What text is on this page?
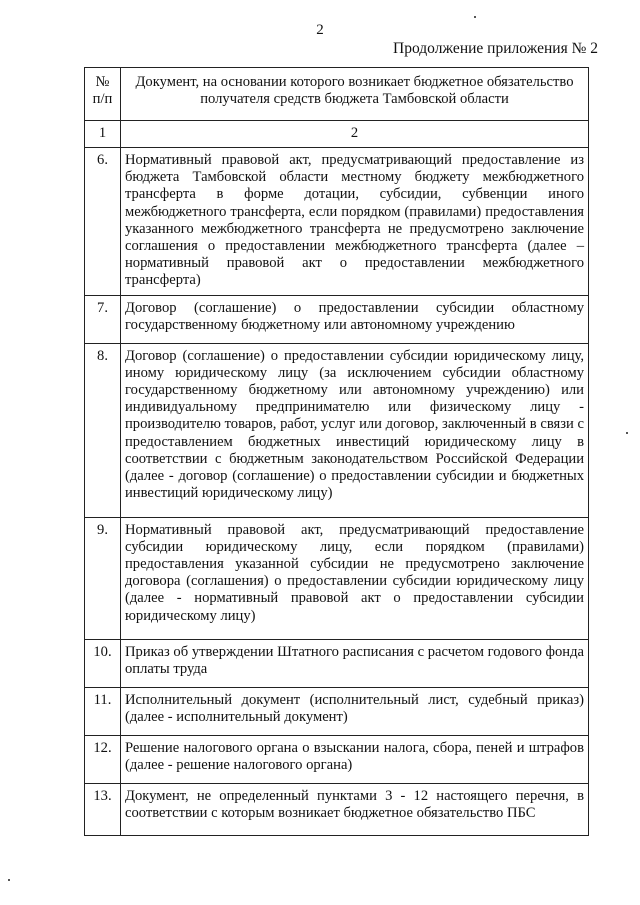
2
Продолжение приложения № 2
№ п/п	Документ, на основании которого возникает бюджетное обязательство получателя средств бюджета Тамбовской области
1	2
6.	Нормативный правовой акт, предусматривающий предоставление из бюджета Тамбовской области местному бюджету межбюджетного трансферта в форме дотации, субсидии, субвенции иного межбюджетного трансферта, если порядком (правилами) предоставления указанного межбюджетного трансферта не предусмотрено заключение соглашения о предоставлении межбюджетного трансферта (далее – нормативный правовой акт о предоставлении межбюджетного трансферта)
7.	Договор (соглашение) о предоставлении субсидии областному государственному бюджетному или автономному учреждению
8.	Договор (соглашение) о предоставлении субсидии юридическому лицу, иному юридическому лицу (за исключением субсидии областному государственному бюджетному или автономному учреждению) или индивидуальному предпринимателю или физическому лицу - производителю товаров, работ, услуг или договор, заключенный в связи с предоставлением бюджетных инвестиций юридическому лицу в соответствии с бюджетным законодательством Российской Федерации (далее - договор (соглашение) о предоставлении субсидии и бюджетных инвестиций юридическому лицу)
9.	Нормативный правовой акт, предусматривающий предоставление субсидии юридическому лицу, если порядком (правилами) предоставления указанной субсидии не предусмотрено заключение договора (соглашения) о предоставлении субсидии юридическому лицу (далее - нормативный правовой акт о предоставлении субсидии юридическому лицу)
10.	Приказ об утверждении Штатного расписания с расчетом годового фонда оплаты труда
11.	Исполнительный документ (исполнительный лист, судебный приказ) (далее - исполнительный документ)
12.	Решение налогового органа о взыскании налога, сбора, пеней и штрафов (далее - решение налогового органа)
13.	Документ, не определенный пунктами 3 - 12 настоящего перечня, в соответствии с которым возникает бюджетное обязательство ПБС
